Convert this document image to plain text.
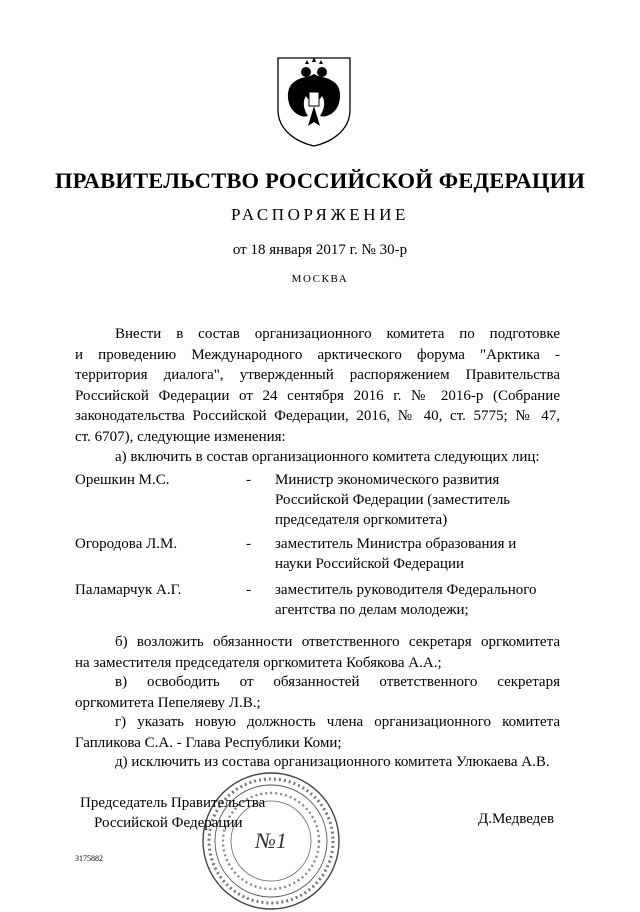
ПРАВИТЕЛЬСТВО РОССИЙСКОЙ ФЕДЕРАЦИИ
РАСПОРЯЖЕНИЕ
от 18 января 2017 г. № 30-р
МОСКВА
Внести в состав организационного комитета по подготовке
и проведению Международного арктического форума "Арктика -
территория диалога", утвержденный распоряжением Правительства
Российской Федерации от 24 сентября 2016 г. № 2016-р (Собрание
законодательства Российской Федерации, 2016, № 40, ст. 5775; № 47,
ст. 6707), следующие изменения:
а) включить в состав организационного комитета следующих лиц:
Орешкин М.С.	- Министр экономического развития
Российской Федерации (заместитель
председателя оргкомитета)
Огородова Л.М.	- заместитель Министра образования и
науки Российской Федерации
Паламарчук А.Г.	- заместитель руководителя Федерального
агентства по делам молодежи;
б) возложить обязанности ответственного секретаря оргкомитета
на заместителя председателя оргкомитета Кобякова А.А.;
в) освободить от обязанностей ответственного секретаря
оргкомитета Пепеляеву Л.В.;
г) указать новую должность члена организационного комитета
Гапликова С.А. - Глава Республики Коми;
д) исключить из состава организационного комитета Улюкаева А.В.
№1
Председатель Правительства
Российской Федерации	Д.Медведев
3175882
